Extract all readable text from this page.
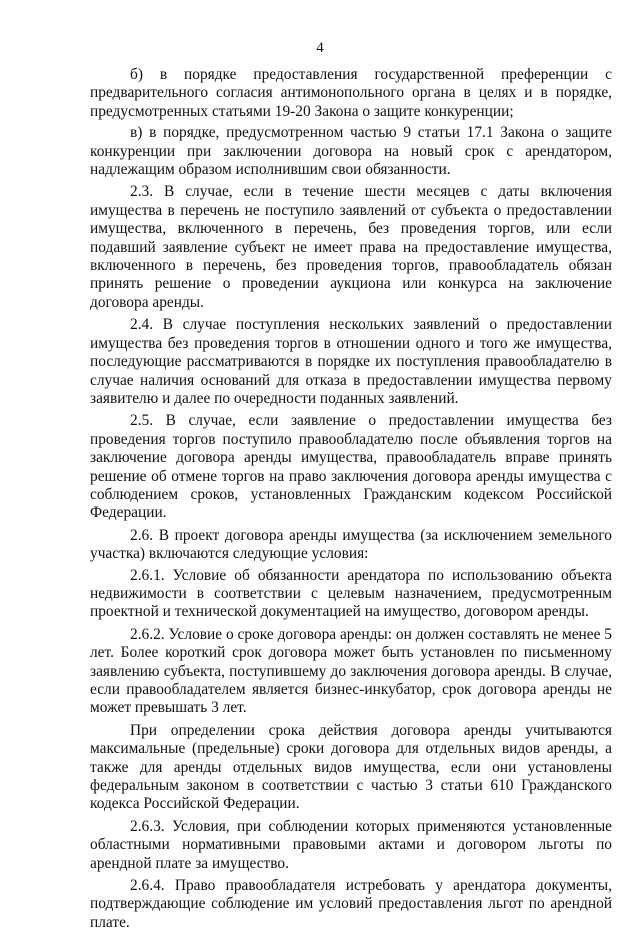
4

б) в порядке предоставления государственной преференции с предварительного согласия антимонопольного органа в целях и в порядке, предусмотренных статьями 19-20 Закона о защите конкуренции;

в) в порядке, предусмотренном частью 9 статьи 17.1 Закона о защите конкуренции при заключении договора на новый срок с арендатором, надлежащим образом исполнившим свои обязанности.

2.3. В случае, если в течение шести месяцев с даты включения имущества в перечень не поступило заявлений от субъекта о предоставлении имущества, включенного в перечень, без проведения торгов, или если подавший заявление субъект не имеет права на предоставление имущества, включенного в перечень, без проведения торгов, правообладатель обязан принять решение о проведении аукциона или конкурса на заключение договора аренды.

2.4. В случае поступления нескольких заявлений о предоставлении имущества без проведения торгов в отношении одного и того же имущества, последующие рассматриваются в порядке их поступления правообладателю в случае наличия оснований для отказа в предоставлении имущества первому заявителю и далее по очередности поданных заявлений.

2.5. В случае, если заявление о предоставлении имущества без проведения торгов поступило правообладателю после объявления торгов на заключение договора аренды имущества, правообладатель вправе принять решение об отмене торгов на право заключения договора аренды имущества с соблюдением сроков, установленных Гражданским кодексом Российской Федерации.

2.6. В проект договора аренды имущества (за исключением земельного участка) включаются следующие условия:

2.6.1. Условие об обязанности арендатора по использованию объекта недвижимости в соответствии с целевым назначением, предусмотренным проектной и технической документацией на имущество, договором аренды.

2.6.2. Условие о сроке договора аренды: он должен составлять не менее 5 лет. Более короткий срок договора может быть установлен по письменному заявлению субъекта, поступившему до заключения договора аренды. В случае, если правообладателем является бизнес-инкубатор, срок договора аренды не может превышать 3 лет.

При определении срока действия договора аренды учитываются максимальные (предельные) сроки договора для отдельных видов аренды, а также для аренды отдельных видов имущества, если они установлены федеральным законом в соответствии с частью 3 статьи 610 Гражданского кодекса Российской Федерации.

2.6.3. Условия, при соблюдении которых применяются установленные областными нормативными правовыми актами и договором льготы по арендной плате за имущество.

2.6.4. Право правообладателя истребовать у арендатора документы, подтверждающие соблюдение им условий предоставления льгот по арендной плате.
